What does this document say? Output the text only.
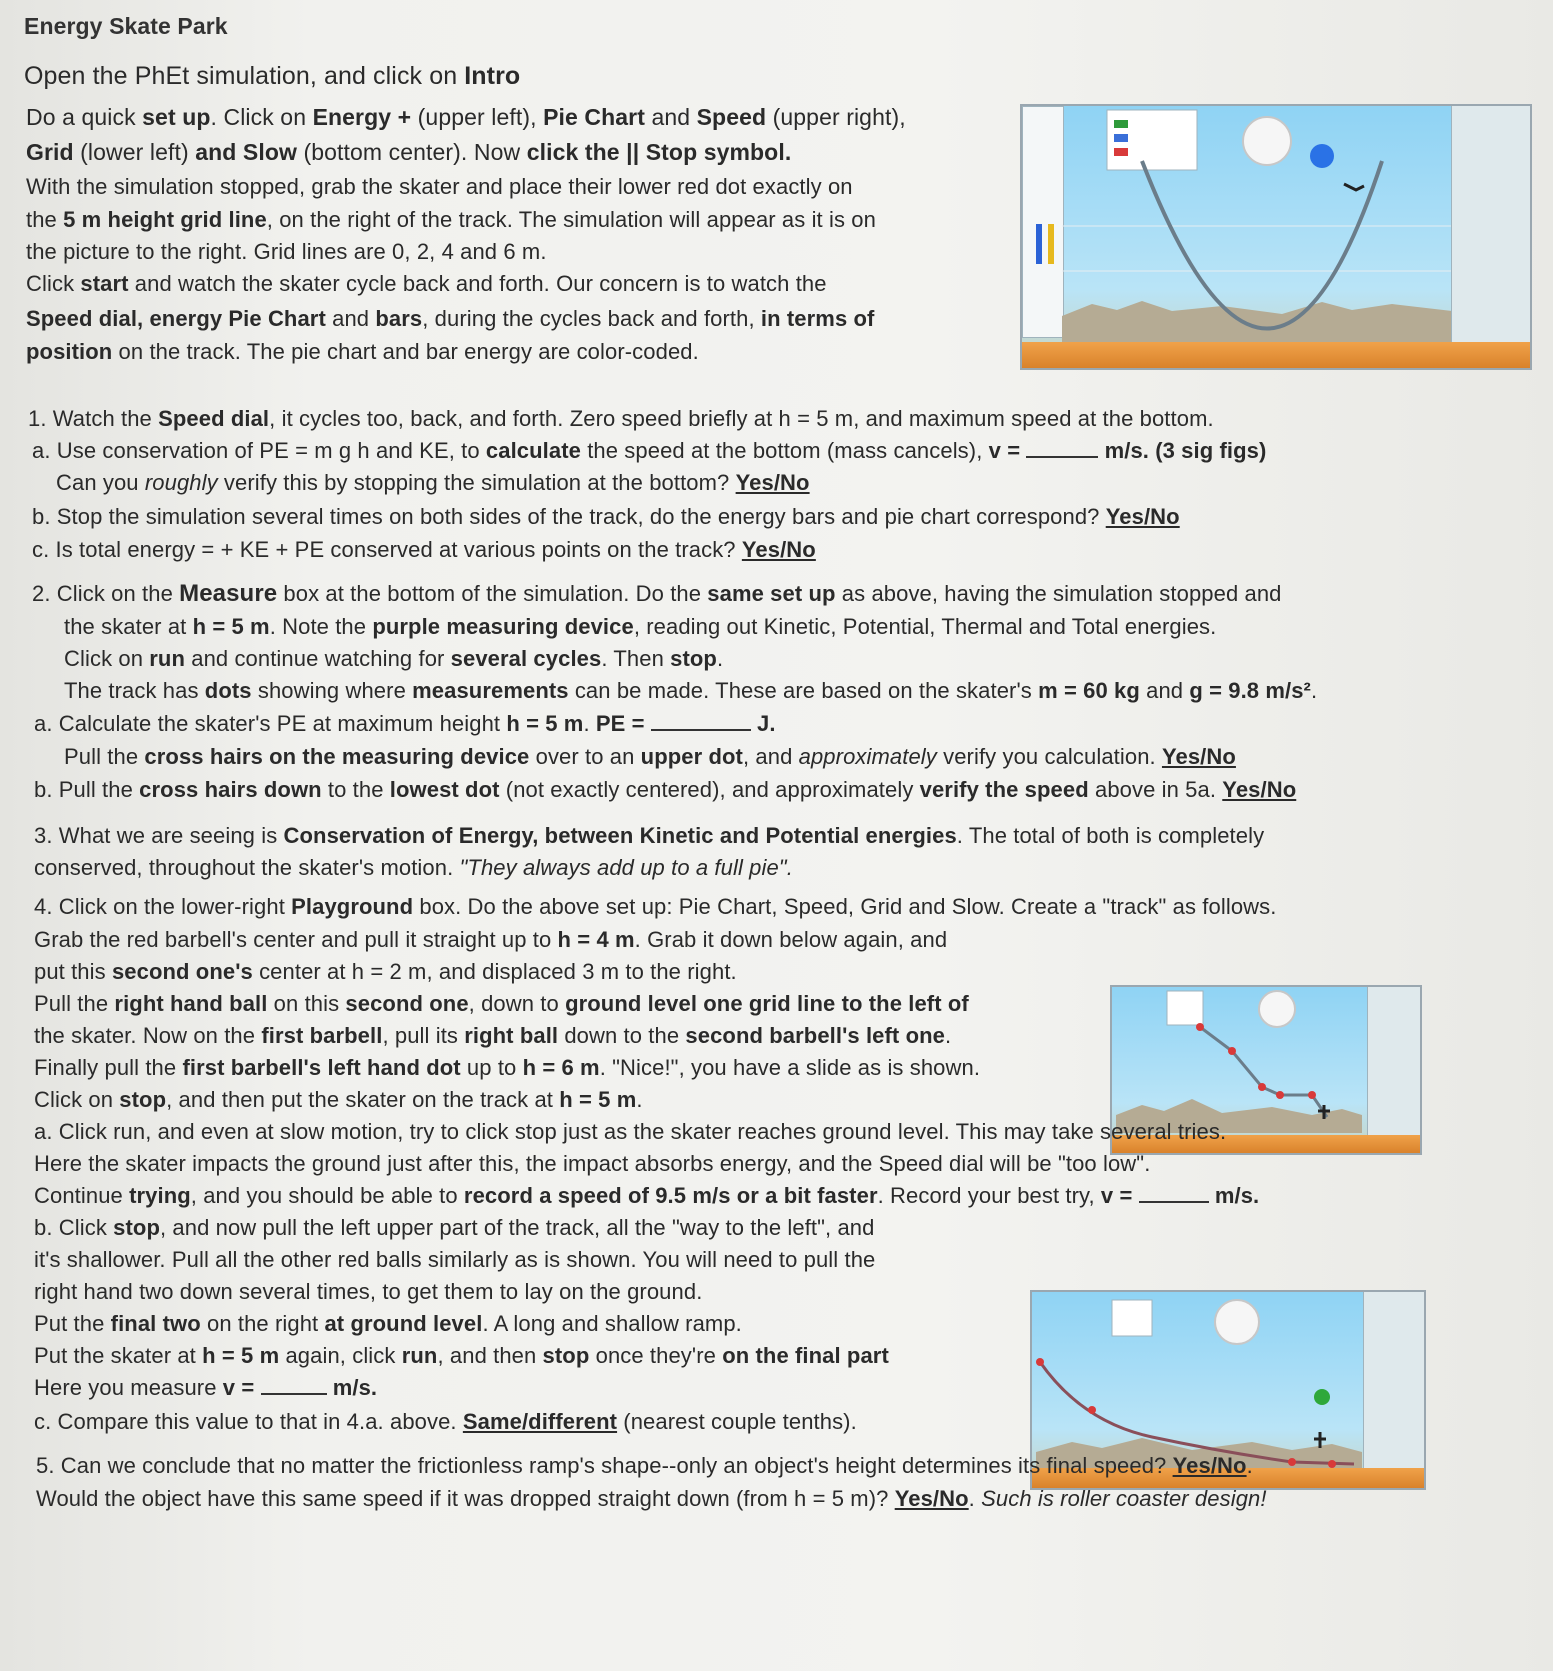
Energy Skate Park
Open the PhEt simulation, and click on Intro
Do a quick set up. Click on Energy + (upper left), Pie Chart and Speed (upper right),
Grid (lower left) and Slow (bottom center). Now click the || Stop symbol.
With the simulation stopped, grab the skater and place their lower red dot exactly on
the 5 m height grid line, on the right of the track. The simulation will appear as it is on
the picture to the right. Grid lines are 0, 2, 4 and 6 m.
Click start and watch the skater cycle back and forth. Our concern is to watch the
Speed dial, energy Pie Chart and bars, during the cycles back and forth, in terms of
position on the track. The pie chart and bar energy are color-coded.
1. Watch the Speed dial, it cycles too, back, and forth. Zero speed briefly at h = 5 m, and maximum speed at the bottom.
a. Use conservation of PE = m g h and KE, to calculate the speed at the bottom (mass cancels), v =	m/s. (3 sig figs)
Can you roughly verify this by stopping the simulation at the bottom? Yes/No
b. Stop the simulation several times on both sides of the track, do the energy bars and pie chart correspond? Yes/No
c. Is total energy = + KE + PE conserved at various points on the track? Yes/No
2. Click on the Measure box at the bottom of the simulation. Do the same set up as above, having the simulation stopped and
the skater at h = 5 m. Note the purple measuring device, reading out Kinetic, Potential, Thermal and Total energies.
Click on run and continue watching for several cycles. Then stop.
The track has dots showing where measurements can be made. These are based on the skater's m = 60 kg and g = 9.8 m/s².
a. Calculate the skater's PE at maximum height h = 5 m. PE =	J.
Pull the cross hairs on the measuring device over to an upper dot, and approximately verify you calculation. Yes/No
b. Pull the cross hairs down to the lowest dot (not exactly centered), and approximately verify the speed above in 5a. Yes/No
3. What we are seeing is Conservation of Energy, between Kinetic and Potential energies. The total of both is completely
conserved, throughout the skater's motion. "They always add up to a full pie".
4. Click on the lower-right Playground box. Do the above set up: Pie Chart, Speed, Grid and Slow. Create a "track" as follows.
Grab the red barbell's center and pull it straight up to h = 4 m. Grab it down below again, and
put this second one's center at h = 2 m, and displaced 3 m to the right.
Pull the right hand ball on this second one, down to ground level one grid line to the left of
the skater. Now on the first barbell, pull its right ball down to the second barbell's left one.
Finally pull the first barbell's left hand dot up to h = 6 m. "Nice!", you have a slide as is shown.
Click on stop, and then put the skater on the track at h = 5 m.
a. Click run, and even at slow motion, try to click stop just as the skater reaches ground level. This may take several tries.
Here the skater impacts the ground just after this, the impact absorbs energy, and the Speed dial will be "too low".
Continue trying, and you should be able to record a speed of 9.5 m/s or a bit faster. Record your best try, v =	m/s.
b. Click stop, and now pull the left upper part of the track, all the "way to the left", and
it's shallower. Pull all the other red balls similarly as is shown. You will need to pull the
right hand two down several times, to get them to lay on the ground.
Put the final two on the right at ground level. A long and shallow ramp.
Put the skater at h = 5 m again, click run, and then stop once they're on the final part
Here you measure v =	m/s.
c. Compare this value to that in 4.a. above. Same/different (nearest couple tenths).
5. Can we conclude that no matter the frictionless ramp's shape--only an object's height determines its final speed? Yes/No.
Would the object have this same speed if it was dropped straight down (from h = 5 m)? Yes/No. Such is roller coaster design!
